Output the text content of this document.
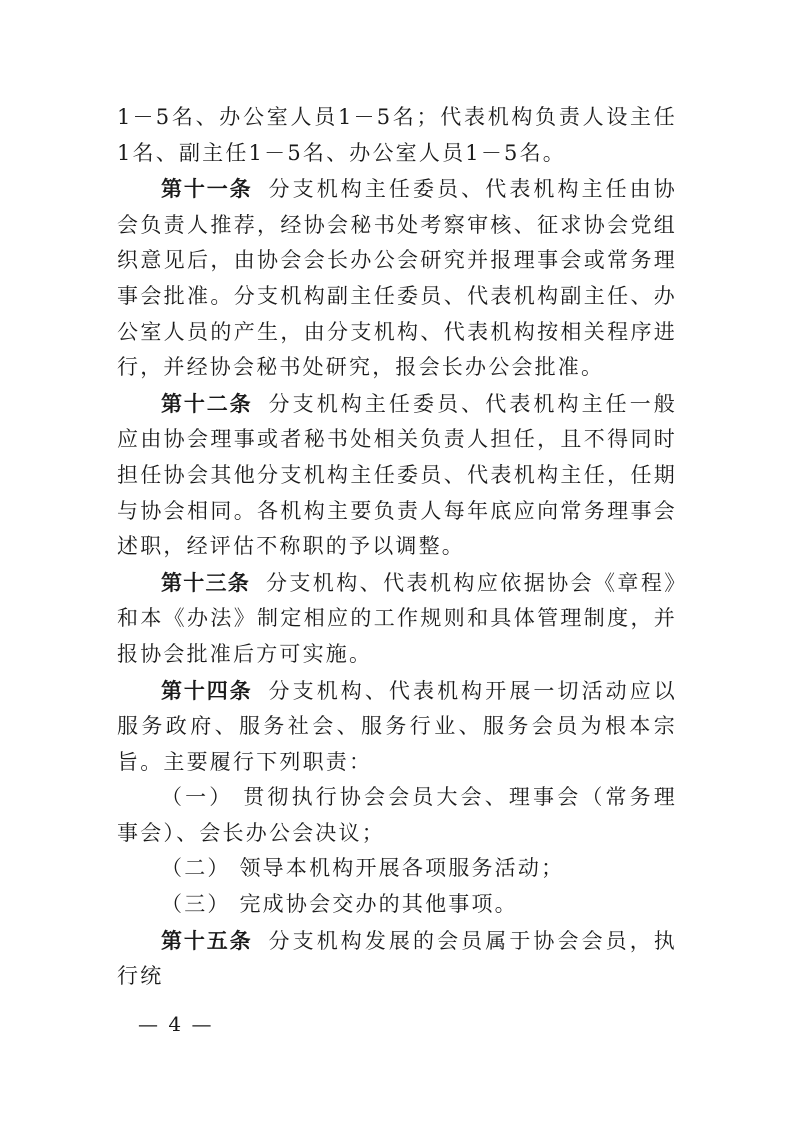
1－5名、办公室人员1－5名；代表机构负责人设主任1名、副主任1－5名、办公室人员1－5名。

第十一条 分支机构主任委员、代表机构主任由协会负责人推荐，经协会秘书处考察审核、征求协会党组织意见后，由协会会长办公会研究并报理事会或常务理事会批准。分支机构副主任委员、代表机构副主任、办公室人员的产生，由分支机构、代表机构按相关程序进行，并经协会秘书处研究，报会长办公会批准。

第十二条 分支机构主任委员、代表机构主任一般应由协会理事或者秘书处相关负责人担任，且不得同时担任协会其他分支机构主任委员、代表机构主任，任期与协会相同。各机构主要负责人每年底应向常务理事会述职，经评估不称职的予以调整。

第十三条 分支机构、代表机构应依据协会《章程》和本《办法》制定相应的工作规则和具体管理制度，并报协会批准后方可实施。

第十四条 分支机构、代表机构开展一切活动应以服务政府、服务社会、服务行业、服务会员为根本宗旨。主要履行下列职责：

（一） 贯彻执行协会会员大会、理事会（常务理事会）、会长办公会决议；

（二） 领导本机构开展各项服务活动；

（三） 完成协会交办的其他事项。

第十五条 分支机构发展的会员属于协会会员，执行统

— 4 —
